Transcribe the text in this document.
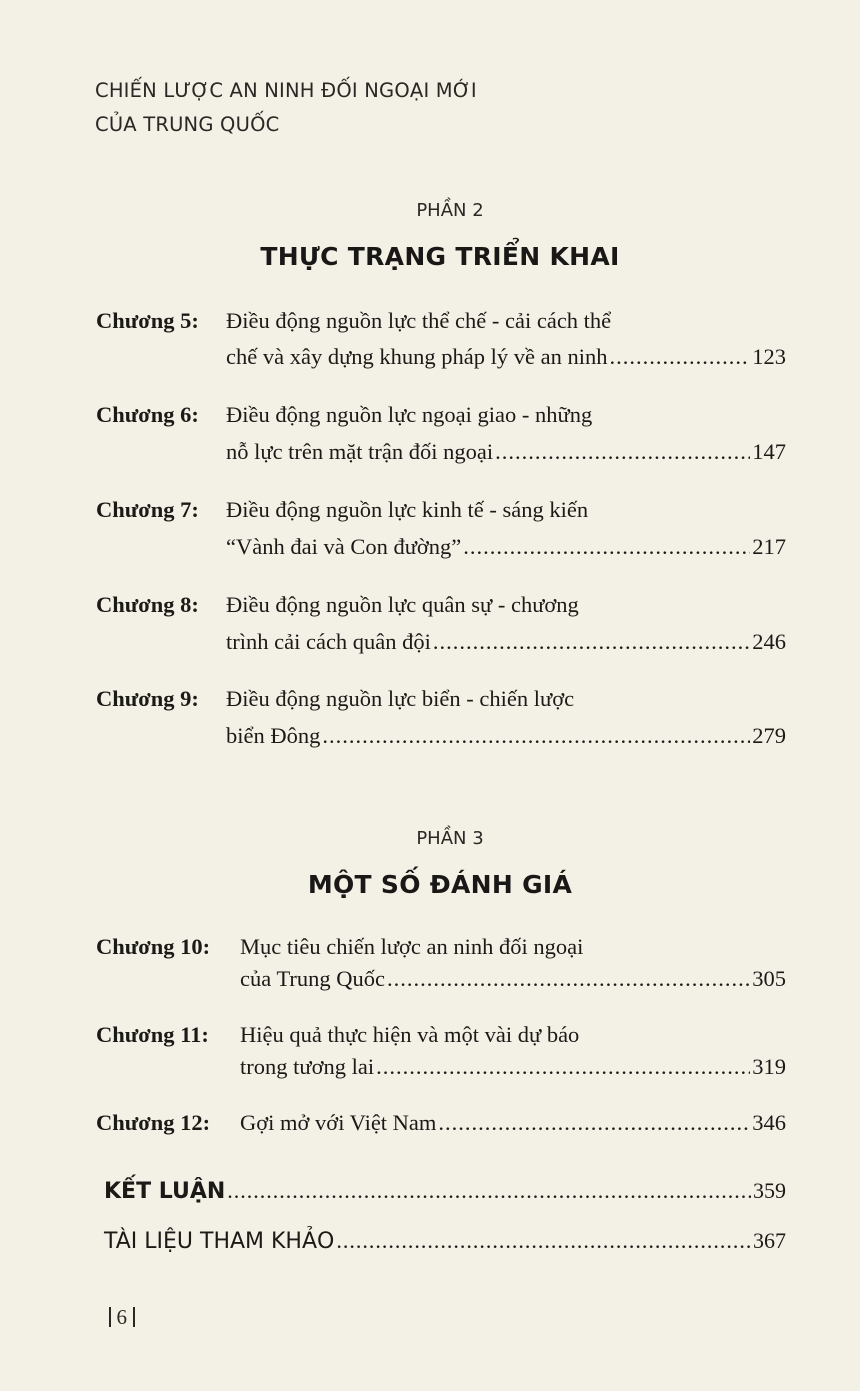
CHIẾN LƯỢC AN NINH ĐỐI NGOẠI MỚI
CỦA TRUNG QUỐC
PHẦN 2
THỰC TRẠNG TRIỂN KHAI
Chương 5: Điều động nguồn lực thể chế - cải cách thể
chế và xây dựng khung pháp lý về an ninh .....	123
Chương 6: Điều động nguồn lực ngoại giao - những
nỗ lực trên mặt trận đối ngoại .....	147
Chương 7: Điều động nguồn lực kinh tế - sáng kiến
“Vành đai và Con đường” .....	217
Chương 8: Điều động nguồn lực quân sự - chương
trình cải cách quân đội .....	246
Chương 9: Điều động nguồn lực biển - chiến lược
biển Đông .....	279
PHẦN 3
MỘT SỐ ĐÁNH GIÁ
Chương 10: Mục tiêu chiến lược an ninh đối ngoại
của Trung Quốc .....	305
Chương 11: Hiệu quả thực hiện và một vài dự báo
trong tương lai .....	319
Chương 12: Gợi mở với Việt Nam .....	346
KẾT LUẬN .....	359
TÀI LIỆU THAM KHẢO .....	367
6
